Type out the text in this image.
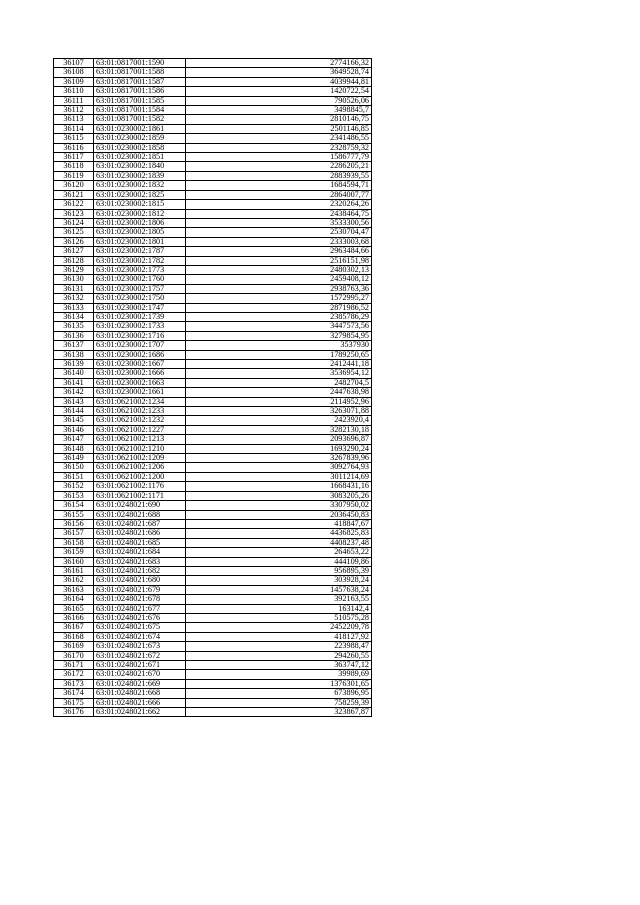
36107	63:01:0817001:1590	2774166,32
36108	63:01:0817001:1588	3649528,74
36109	63:01:0817001:1587	4039944,81
36110	63:01:0817001:1586	1420722,54
36111	63:01:0817001:1585	790526,06
36112	63:01:0817001:1584	3498845,7
36113	63:01:0817001:1582	2810146,75
36114	63:01:0230002:1861	2501146,85
36115	63:01:0230002:1859	2341486,55
36116	63:01:0230002:1858	2328759,32
36117	63:01:0230002:1851	1586777,79
36118	63:01:0230002:1840	2286205,21
36119	63:01:0230002:1839	2883939,55
36120	63:01:0230002:1832	1684594,71
36121	63:01:0230002:1825	2864007,77
36122	63:01:0230002:1815	2320264,26
36123	63:01:0230002:1812	2438464,75
36124	63:01:0230002:1806	3533300,56
36125	63:01:0230002:1805	2530704,47
36126	63:01:0230002:1801	2333003,68
36127	63:01:0230002:1787	2963484,66
36128	63:01:0230002:1782	2516151,98
36129	63:01:0230002:1773	2480302,13
36130	63:01:0230002:1760	2459408,12
36131	63:01:0230002:1757	2938763,36
36132	63:01:0230002:1750	1572995,27
36133	63:01:0230002:1747	2871986,52
36134	63:01:0230002:1739	2385786,29
36135	63:01:0230002:1733	3447573,56
36136	63:01:0230002:1716	3279854,95
36137	63:01:0230002:1707	3537930
36138	63:01:0230002:1686	1789250,65
36139	63:01:0230002:1667	2412441,18
36140	63:01:0230002:1666	3536954,12
36141	63:01:0230002:1663	2482704,5
36142	63:01:0230002:1661	2447638,98
36143	63:01:0621002:1234	2114952,96
36144	63:01:0621002:1233	3263071,88
36145	63:01:0621002:1232	2423920,4
36146	63:01:0621002:1227	3282130,18
36147	63:01:0621002:1213	2093696,87
36148	63:01:0621002:1210	1693290,24
36149	63:01:0621002:1209	3267839,96
36150	63:01:0621002:1206	3092764,93
36151	63:01:0621002:1200	3011214,69
36152	63:01:0621002:1176	1668431,16
36153	63:01:0621002:1171	3083205,26
36154	63:01:0248021:690	3307950,02
36155	63:01:0248021:688	2036450,83
36156	63:01:0248021:687	418847,67
36157	63:01:0248021:686	4436825,83
36158	63:01:0248021:685	4408237,48
36159	63:01:0248021:684	264653,22
36160	63:01:0248021:683	444109,86
36161	63:01:0248021:682	956895,39
36162	63:01:0248021:680	303928,24
36163	63:01:0248021:679	1457638,24
36164	63:01:0248021:678	392163,55
36165	63:01:0248021:677	163142,4
36166	63:01:0248021:676	510575,28
36167	63:01:0248021:675	2452209,78
36168	63:01:0248021:674	418127,92
36169	63:01:0248021:673	223988,47
36170	63:01:0248021:672	294260,55
36171	63:01:0248021:671	363747,12
36172	63:01:0248021:670	39989,69
36173	63:01:0248021:669	1376301,65
36174	63:01:0248021:668	673896,95
36175	63:01:0248021:666	758259,39
36176	63:01:0248021:662	323867,87
